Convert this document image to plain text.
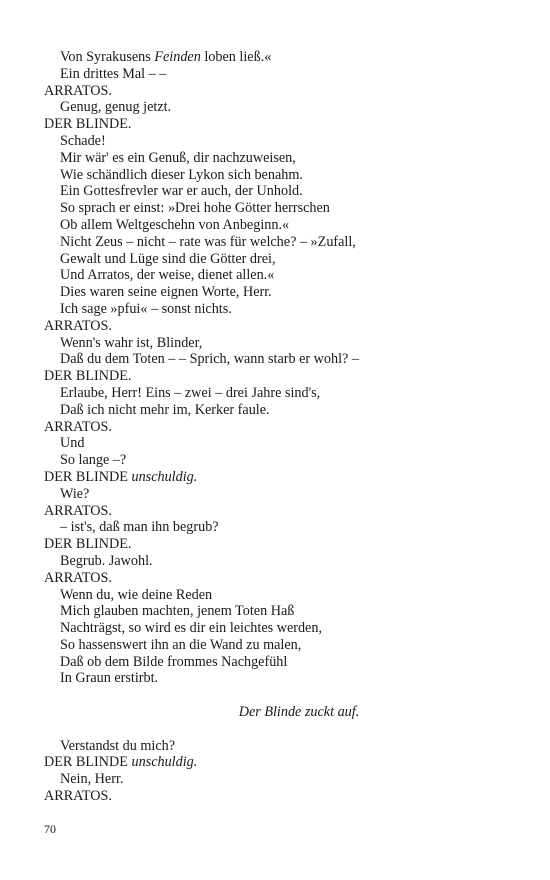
Von Syrakusens Feinden loben ließ.«
Ein drittes Mal – –
ARRATOS.
Genug, genug jetzt.
DER BLINDE.
Schade!
Mir wär' es ein Genuß, dir nachzuweisen,
Wie schändlich dieser Lykon sich benahm.
Ein Gottesfrevler war er auch, der Unhold.
So sprach er einst: »Drei hohe Götter herrschen
Ob allem Weltgeschehn von Anbeginn.«
Nicht Zeus – nicht – rate was für welche? – »Zufall,
Gewalt und Lüge sind die Götter drei,
Und Arratos, der weise, dienet allen.«
Dies waren seine eignen Worte, Herr.
Ich sage »pfui« – sonst nichts.
ARRATOS.
Wenn's wahr ist, Blinder,
Daß du dem Toten – – Sprich, wann starb er wohl? –
DER BLINDE.
Erlaube, Herr! Eins – zwei – drei Jahre sind's,
Daß ich nicht mehr im, Kerker faule.
ARRATOS.
Und
So lange –?
DER BLINDE unschuldig.
Wie?
ARRATOS.
– ist's, daß man ihn begrub?
DER BLINDE.
Begrub. Jawohl.
ARRATOS.
Wenn du, wie deine Reden
Mich glauben machten, jenem Toten Haß
Nachträgst, so wird es dir ein leichtes werden,
So hassenswert ihn an die Wand zu malen,
Daß ob dem Bilde frommes Nachgefühl
In Graun erstirbt.
Der Blinde zuckt auf.
Verstandst du mich?
DER BLINDE unschuldig.
Nein, Herr.
ARRATOS.
70
